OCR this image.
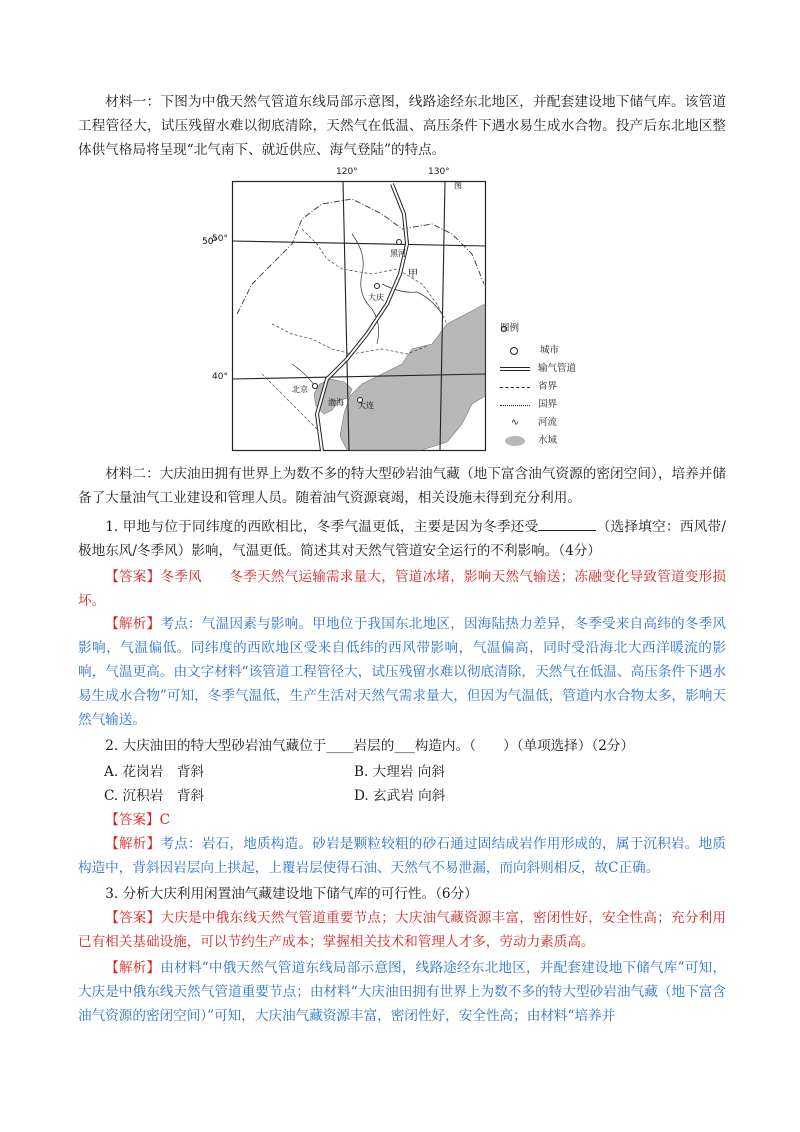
材料一：下图为中俄天然气管道东线局部示意图，线路途经东北地区，并配套建设地下储气库。该管道工程管径大，试压残留水难以彻底清除，天然气在低温、高压条件下遇水易生成水合物。投产后东北地区整体供气格局将呈现“北气南下、就近供应、海气登陆”的特点。

50°
黑河
大庆
甲
北京
渤海 大连
图
120°	130°
50°
40°
图例
城市
输气管道
省界
国界
∿	河流
水域

材料二：大庆油田拥有世界上为数不多的特大型砂岩油气藏（地下富含油气资源的密闭空间），培养并储备了大量油气工业建设和管理人员。随着油气资源衰竭，相关设施未得到充分利用。

1. 甲地与位于同纬度的西欧相比，冬季气温更低，主要是因为冬季还受	（选择填空：西风带/极地东风/冬季风）影响，气温更低。简述其对天然气管道安全运行的不利影响。（4分）

【答案】冬季风　　冬季天然气运输需求量大，管道冰堵，影响天然气输送；冻融变化导致管道变形损坏。

【解析】考点：气温因素与影响。甲地位于我国东北地区，因海陆热力差异，冬季受来自高纬的冬季风影响，气温偏低。同纬度的西欧地区受来自低纬的西风带影响，气温偏高，同时受沿海北大西洋暖流的影响，气温更高。由文字材料“该管道工程管径大，试压残留水难以彻底清除，天然气在低温、高压条件下遇水易生成水合物”可知，冬季气温低，生产生活对天然气需求量大，但因为气温低，管道内水合物太多，影响天然气输送。

2. 大庆油田的特大型砂岩油气藏位于____岩层的___构造内。（　　）（单项选择）（2分）

A. 花岗岩　背斜	B. 大理岩 向斜
C. 沉积岩　背斜	D. 玄武岩 向斜

【答案】C

【解析】考点：岩石，地质构造。砂岩是颗粒较粗的砂石通过固结成岩作用形成的，属于沉积岩。地质构造中，背斜因岩层向上拱起，上覆岩层使得石油、天然气不易泄漏，而向斜则相反，故C正确。

3. 分析大庆利用闲置油气藏建设地下储气库的可行性。（6分）

【答案】大庆是中俄东线天然气管道重要节点；大庆油气藏资源丰富，密闭性好，安全性高；充分利用已有相关基础设施，可以节约生产成本；掌握相关技术和管理人才多，劳动力素质高。

【解析】由材料“中俄天然气管道东线局部示意图，线路途经东北地区，并配套建设地下储气库”可知，大庆是中俄东线天然气管道重要节点；由材料“大庆油田拥有世界上为数不多的特大型砂岩油气藏（地下富含油气资源的密闭空间）”可知，大庆油气藏资源丰富，密闭性好，安全性高；由材料“培养并
